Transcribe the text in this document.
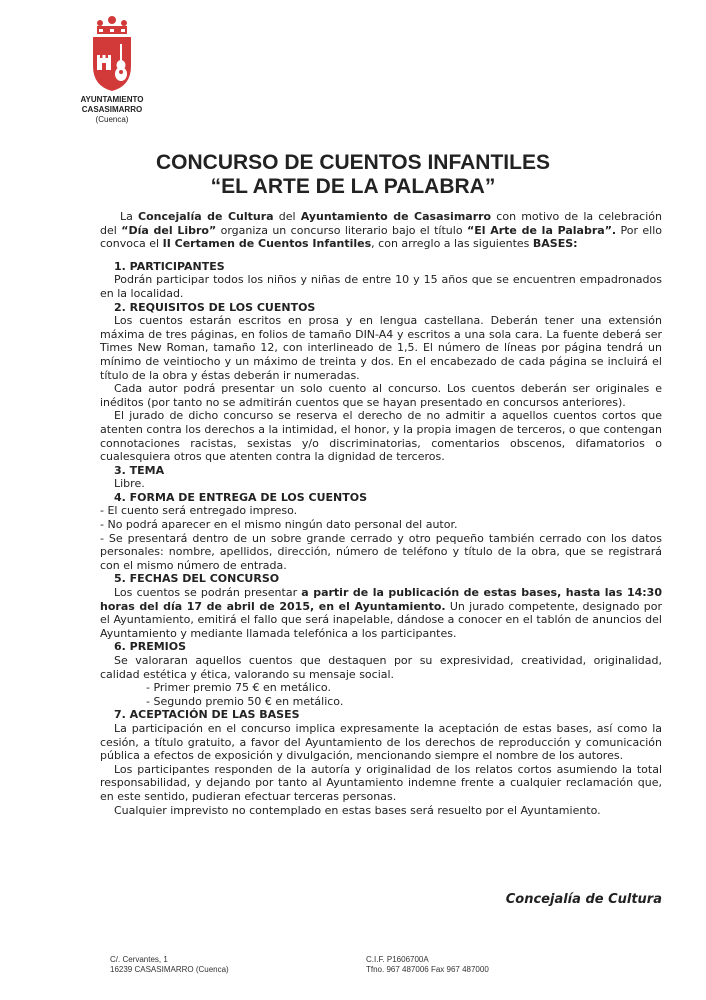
AYUNTAMIENTO
CASASIMARRO
(Cuenca)
CONCURSO DE CUENTOS INFANTILES
“EL ARTE DE LA PALABRA”

La Concejalía de Cultura del Ayuntamiento de Casasimarro con motivo de la celebración del “Día del Libro” organiza un concurso literario bajo el título “El Arte de la Palabra”. Por ello convoca el II Certamen de Cuentos Infantiles, con arreglo a las siguientes BASES:

1. PARTICIPANTES

Podrán participar todos los niños y niñas de entre 10 y 15 años que se encuentren empadronados en la localidad.

2. REQUISITOS DE LOS CUENTOS

Los cuentos estarán escritos en prosa y en lengua castellana. Deberán tener una extensión máxima de tres páginas, en folios de tamaño DIN-A4 y escritos a una sola cara. La fuente deberá ser Times New Roman, tamaño 12, con interlineado de 1,5. El número de líneas por página tendrá un mínimo de veintiocho y un máximo de treinta y dos. En el encabezado de cada página se incluirá el título de la obra y éstas deberán ir numeradas.

Cada autor podrá presentar un solo cuento al concurso. Los cuentos deberán ser originales e inéditos (por tanto no se admitirán cuentos que se hayan presentado en concursos anteriores).

El jurado de dicho concurso se reserva el derecho de no admitir a aquellos cuentos cortos que atenten contra los derechos a la intimidad, el honor, y la propia imagen de terceros, o que contengan connotaciones racistas, sexistas y/o discriminatorias, comentarios obscenos, difamatorios o cualesquiera otros que atenten contra la dignidad de terceros.

3. TEMA

Libre.

4. FORMA DE ENTREGA DE LOS CUENTOS

- El cuento será entregado impreso.

- No podrá aparecer en el mismo ningún dato personal del autor.

- Se presentará dentro de un sobre grande cerrado y otro pequeño también cerrado con los datos personales: nombre, apellidos, dirección, número de teléfono y título de la obra, que se registrará con el mismo número de entrada.

5. FECHAS DEL CONCURSO

Los cuentos se podrán presentar a partir de la publicación de estas bases, hasta las 14:30 horas del día 17 de abril de 2015, en el Ayuntamiento. Un jurado competente, designado por el Ayuntamiento, emitirá el fallo que será inapelable, dándose a conocer en el tablón de anuncios del Ayuntamiento y mediante llamada telefónica a los participantes.

6. PREMIOS

Se valoraran aquellos cuentos que destaquen por su expresividad, creatividad, originalidad, calidad estética y ética, valorando su mensaje social.

- Primer premio 75 € en metálico.

- Segundo premio 50 € en metálico.

7. ACEPTACIÓN DE LAS BASES

La participación en el concurso implica expresamente la aceptación de estas bases, así como la cesión, a título gratuito, a favor del Ayuntamiento de los derechos de reproducción y comunicación pública a efectos de exposición y divulgación, mencionando siempre el nombre de los autores.

Los participantes responden de la autoría y originalidad de los relatos cortos asumiendo la total responsabilidad, y dejando por tanto al Ayuntamiento indemne frente a cualquier reclamación que, en este sentido, pudieran efectuar terceras personas.

Cualquier imprevisto no contemplado en estas bases será resuelto por el Ayuntamiento.

Concejalía de Cultura
C/. Cervantes, 1
16239 CASASIMARRO (Cuenca)
C.I.F. P1606700A
Tfno. 967 487006 Fax 967 487000
